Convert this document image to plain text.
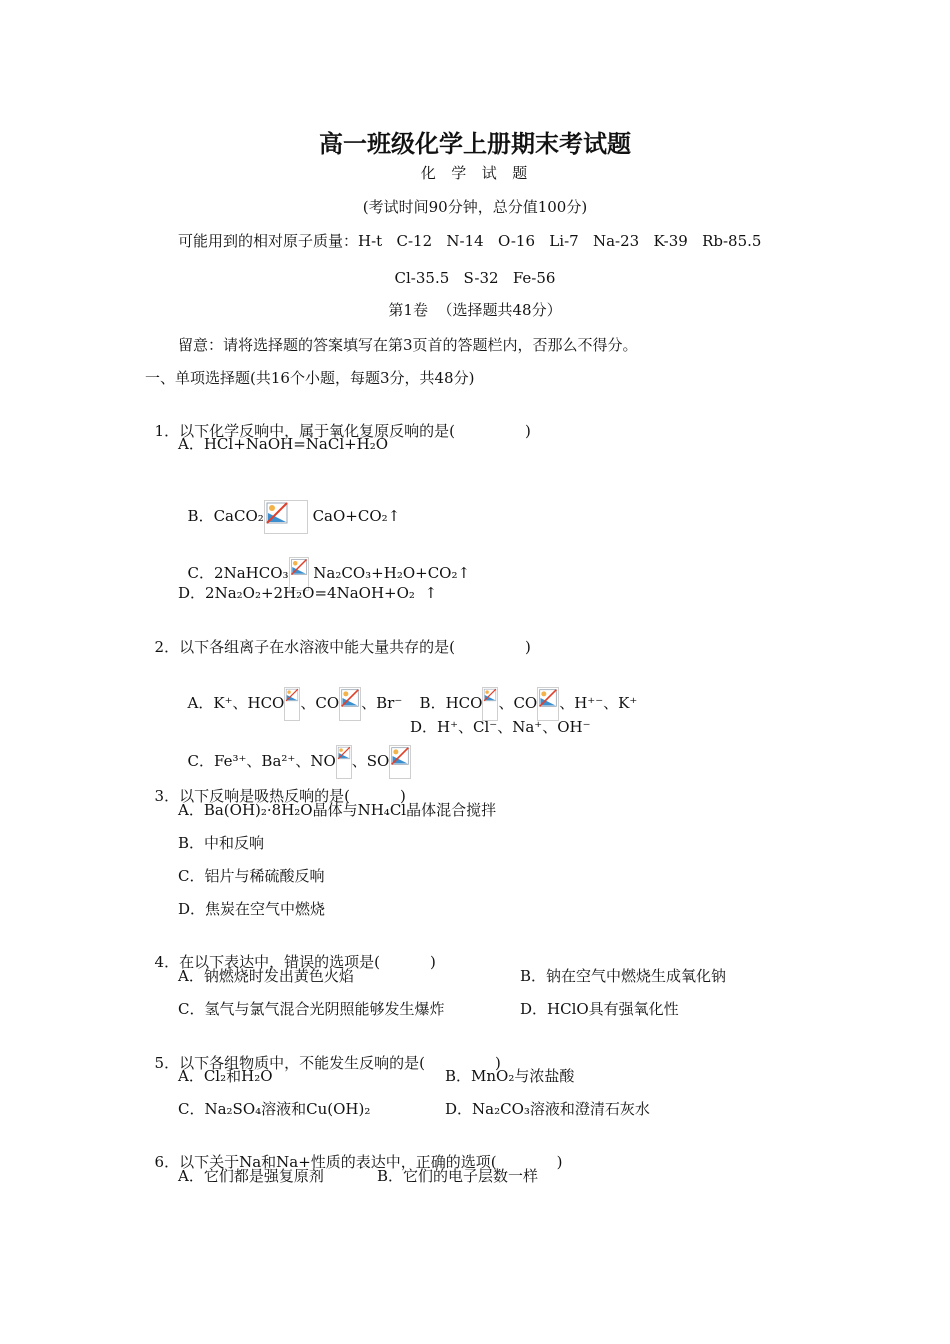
高一班级化学上册期末考试题
化  学  试  题
(考试时间90分钟，总分值100分)
可能用到的相对原子质量：H-t   C-12   N-14   O-16   Li-7   Na-23   K-39   Rb-85.5
Cl-35.5   S-32   Fe-56
第1卷  （选择题共48分）
留意：请将选择题的答案填写在第3页首的答题栏内，否那么不得分。
一、单项选择题(共16个小题，每题3分，共48分)

1．以下化学反响中，属于氧化复原反响的是(	)

A．HCl+NaOH=NaCl+H₂O

B．CaCO₂	CaO+CO₂↑

C．2NaHCO₃ Na₂CO₃+H₂O+CO₂↑

D．2Na₂O₂+2H₂O=4NaOH+O₂  ↑

2．以下各组离子在水溶液中能大量共存的是(	)

A．K⁺、HCO 、CO 、Br⁻	B．HCO 、CO 、H⁺⁻、K⁺

C．Fe³⁺、Ba²⁺、NO 、SO

D．H⁺、Cl⁻、Na⁺、OH⁻

3．以下反响是吸热反响的是(	)

A．Ba(OH)₂·8H₂O晶体与NH₄Cl晶体混合搅拌
B．中和反响
C．铝片与稀硫酸反响
D．焦炭在空气中燃烧

4．在以下表达中，错误的选项是(	)

A．钠燃烧时发出黄色火焰	B．钠在空气中燃烧生成氧化钠
C．氢气与氯气混合光阴照能够发生爆炸	D．HClO具有强氧化性

5．以下各组物质中，不能发生反响的是(	)

A．Cl₂和H₂O	B．MnO₂与浓盐酸
C．Na₂SO₄溶液和Cu(OH)₂	D．Na₂CO₃溶液和澄清石灰水

6．以下关于Na和Na+性质的表达中，正确的选项(	)

A．它们都是强复原剂	B．它们的电子层数一样
